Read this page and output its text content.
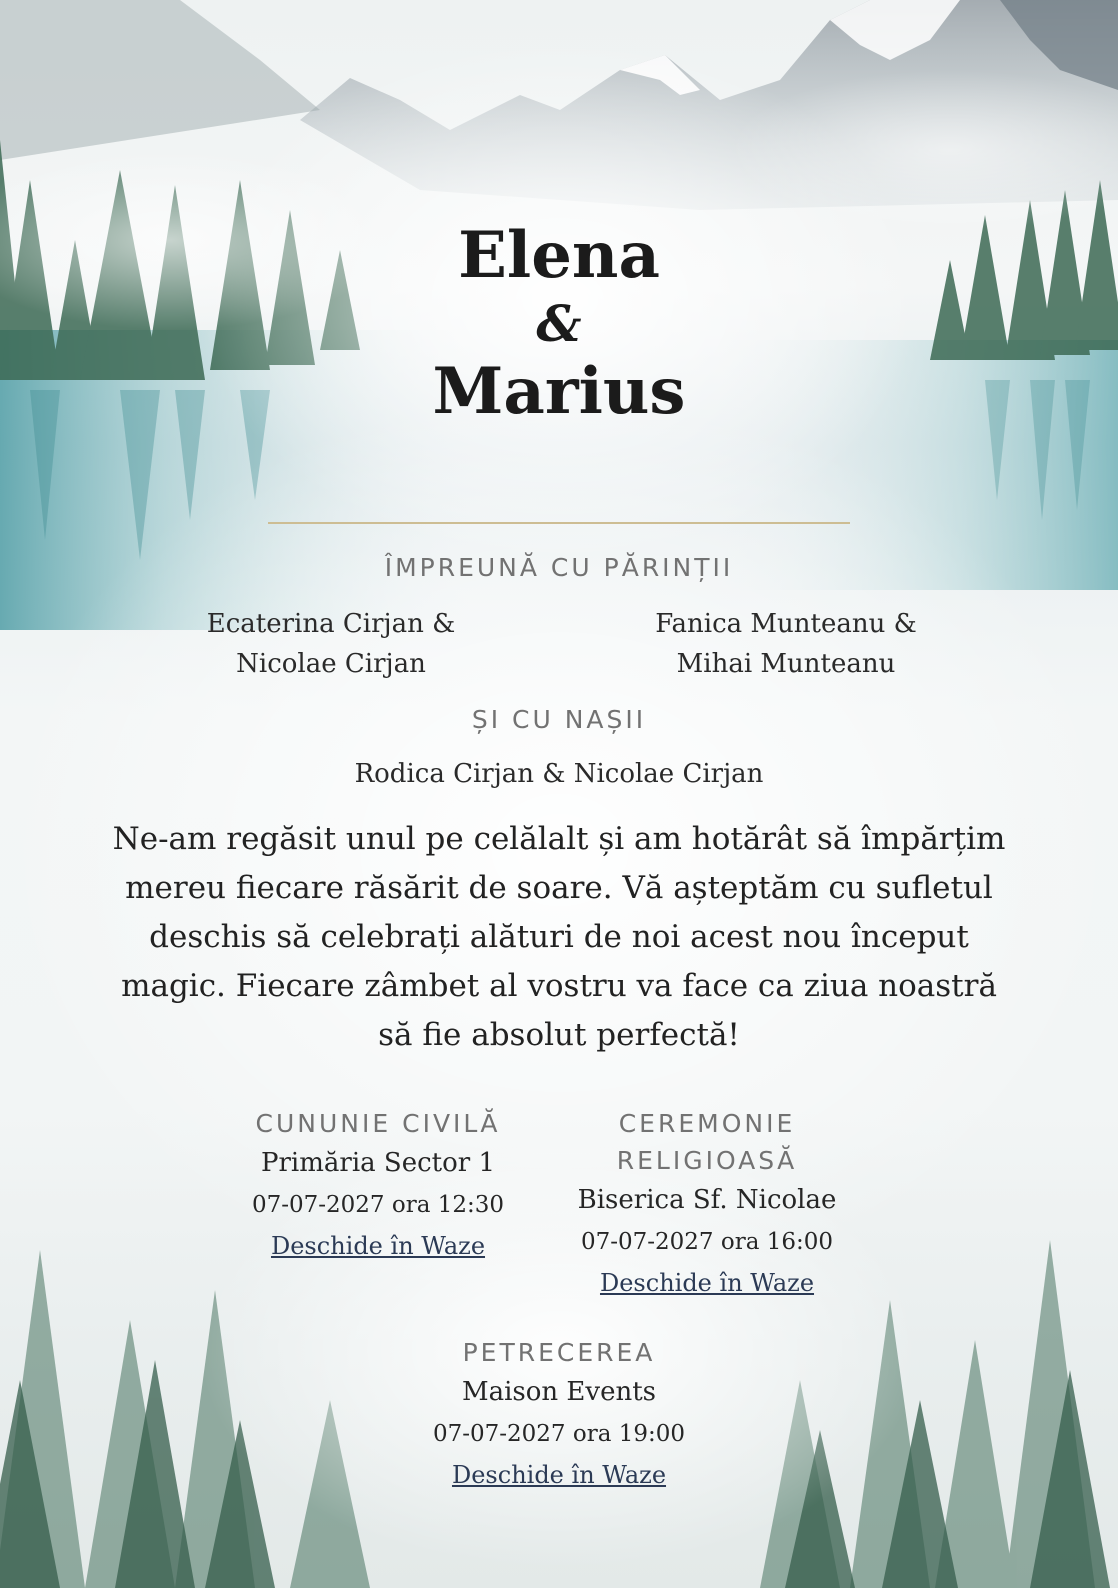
Elena
&
Marius
ÎMPREUNĂ CU PĂRINȚII
Ecaterina Cirjan &
Nicolae Cirjan
Fanica Munteanu &
Mihai Munteanu
ȘI CU NAȘII
Rodica Cirjan & Nicolae Cirjan
Ne-am regăsit unul pe celălalt și am hotărât să împărțim mereu fiecare răsărit de soare. Vă așteptăm cu sufletul deschis să celebrați alături de noi acest nou început magic. Fiecare zâmbet al vostru va face ca ziua noastră să fie absolut perfectă!
CUNUNIE CIVILĂ
Primăria Sector 1
07-07-2027 ora 12:30
Deschide în Waze
CEREMONIE
RELIGIOASĂ
Biserica Sf. Nicolae
07-07-2027 ora 16:00
Deschide în Waze
PETRECEREA
Maison Events
07-07-2027 ora 19:00
Deschide în Waze
